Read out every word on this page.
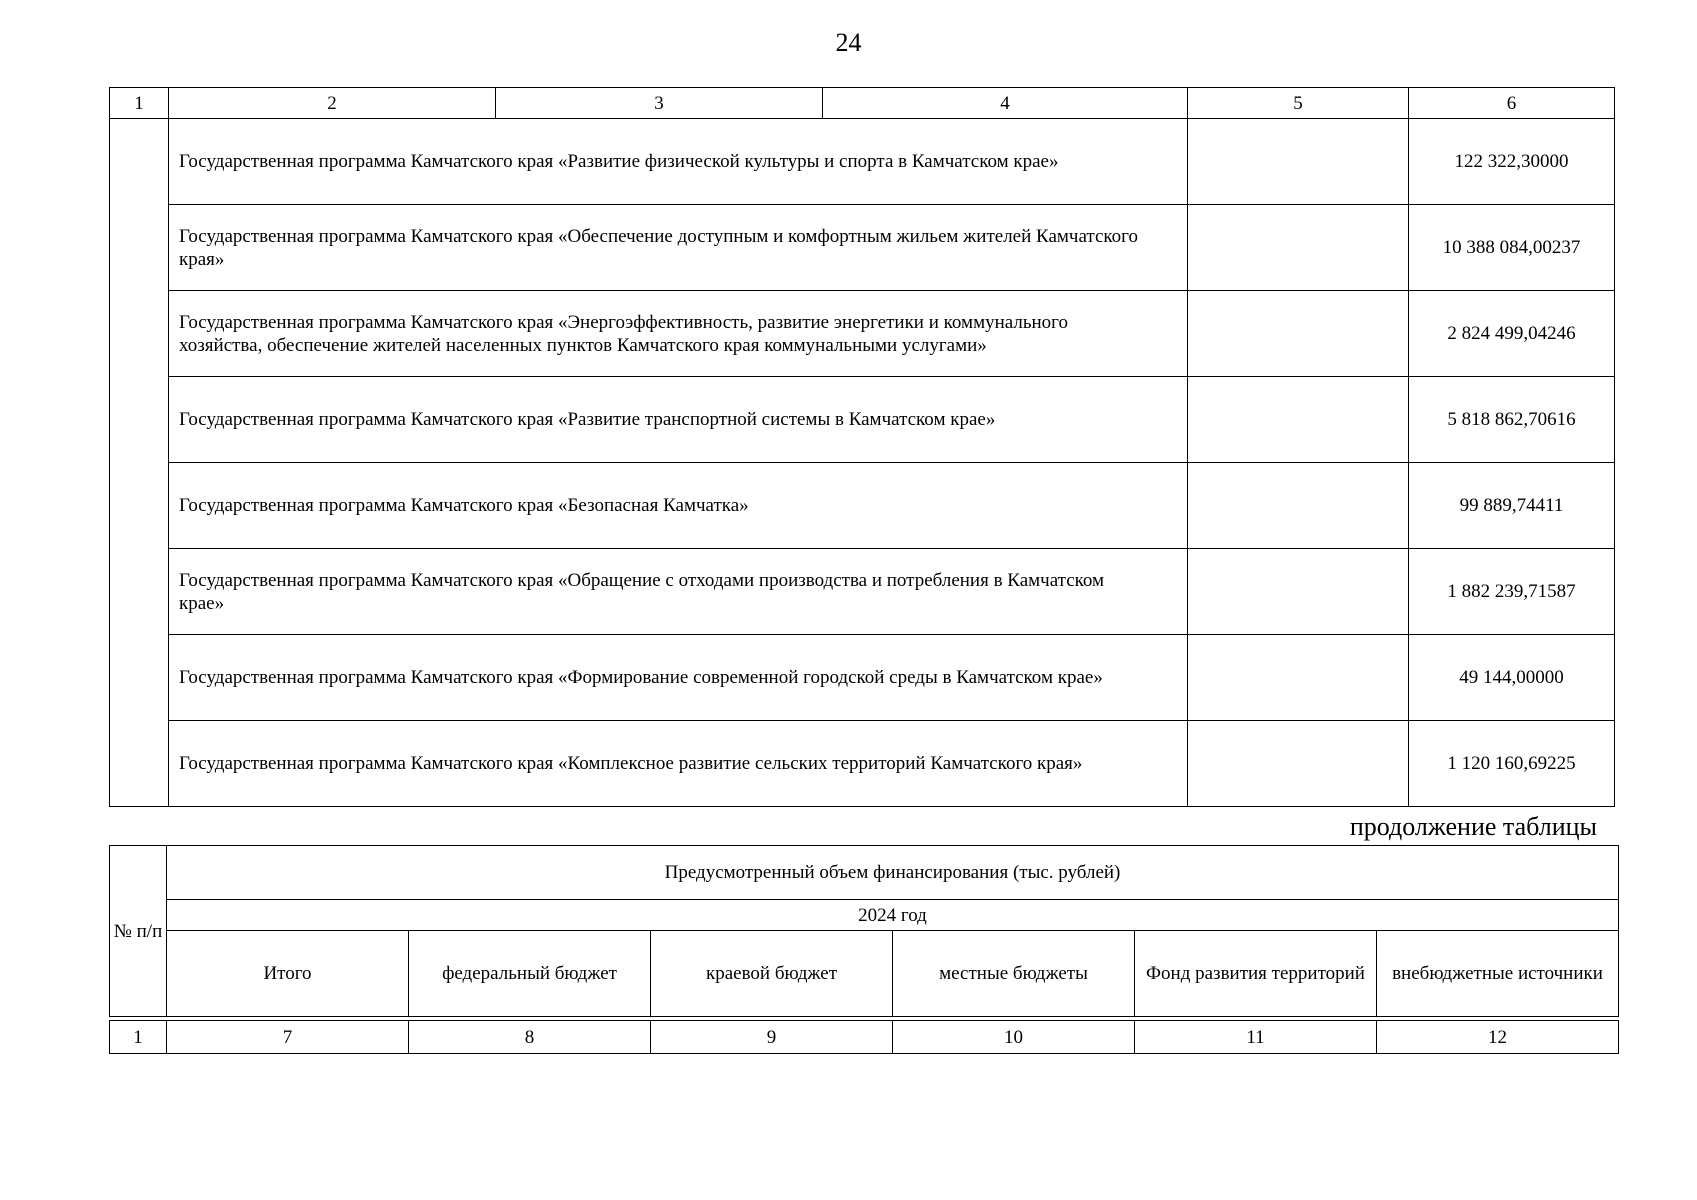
24
1	2	3	4	5	6
	Государственная программа Камчатского края «Развитие физической культуры и спорта в Камчатском крае»				122 322,30000
	Государственная программа Камчатского края «Обеспечение доступным и комфортным жильем жителей Камчатского края»				10 388 084,00237
	Государственная программа Камчатского края «Энергоэффективность, развитие энергетики и коммунального хозяйства, обеспечение жителей населенных пунктов Камчатского края коммунальными услугами»				2 824 499,04246
	Государственная программа Камчатского края «Развитие транспортной системы в Камчатском крае»				5 818 862,70616
	Государственная программа Камчатского края «Безопасная Камчатка»				99 889,74411
	Государственная программа Камчатского края «Обращение с отходами производства и потребления в Камчатском крае»				1 882 239,71587
	Государственная программа Камчатского края «Формирование современной городской среды в Камчатском крае»				49 144,00000
	Государственная программа Камчатского края «Комплексное развитие сельских территорий Камчатского края»				1 120 160,69225
продолжение таблицы
№ п/п	Предусмотренный объем финансирования (тыс. рублей)					
	2024 год					
	Итого	федеральный бюджет	краевой бюджет	местные бюджеты	Фонд развития территорий	внебюджетные источники
1	7	8	9	10	11	12
